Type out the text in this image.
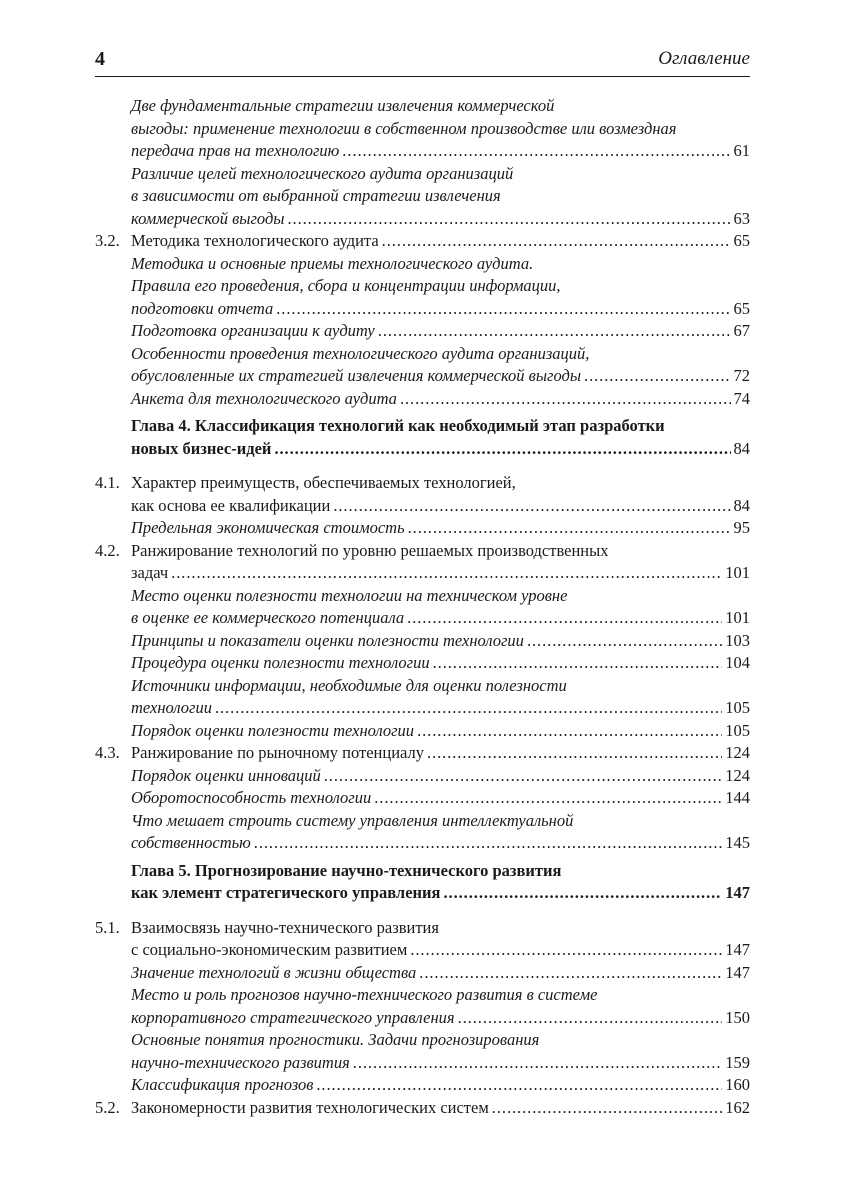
4	Оглавление
Две фундаментальные стратегии извлечения коммерческой
выгоды: применение технологии в собственном производстве или возмездная
передача прав на технологию . . .	61
Различие целей технологического аудита организаций
в зависимости от выбранной стратегии извлечения
коммерческой выгоды . . .	63
3.2. Методика технологического аудита . . .	65
Методика и основные приемы технологического аудита.
Правила его проведения, сбора и концентрации информации,
подготовки отчета . . .	65
Подготовка организации к аудиту . . .	67
Особенности проведения технологического аудита организаций,
обусловленные их стратегией извлечения коммерческой выгоды . . .	72
Анкета для технологического аудита . . .	74
Глава 4. Классификация технологий как необходимый этап разработки
новых бизнес-идей . . .	84
4.1. Характер преимуществ, обеспечиваемых технологией,
как основа ее квалификации . . .	84
Предельная экономическая стоимость . . .	95
4.2. Ранжирование технологий по уровню решаемых производственных
задач . . .	101
Место оценки полезности технологии на техническом уровне
в оценке ее коммерческого потенциала . . .	101
Принципы и показатели оценки полезности технологии . . .	103
Процедура оценки полезности технологии . . .	104
Источники информации, необходимые для оценки полезности
технологии . . .	105
Порядок оценки полезности технологии . . .	105
4.3. Ранжирование по рыночному потенциалу . . .	124
Порядок оценки инноваций . . .	124
Оборотоспособность технологии . . .	144
Что мешает строить систему управления интеллектуальной
собственностью . . .	145
Глава 5. Прогнозирование научно-технического развития
как элемент стратегического управления . . .	147
5.1. Взаимосвязь научно-технического развития
с социально-экономическим развитием . . .	147
Значение технологий в жизни общества . . .	147
Место и роль прогнозов научно-технического развития в системе
корпоративного стратегического управления . . .	150
Основные понятия прогностики. Задачи прогнозирования
научно-технического развития . . .	159
Классификация прогнозов . . .	160
5.2. Закономерности развития технологических систем . . .	162
